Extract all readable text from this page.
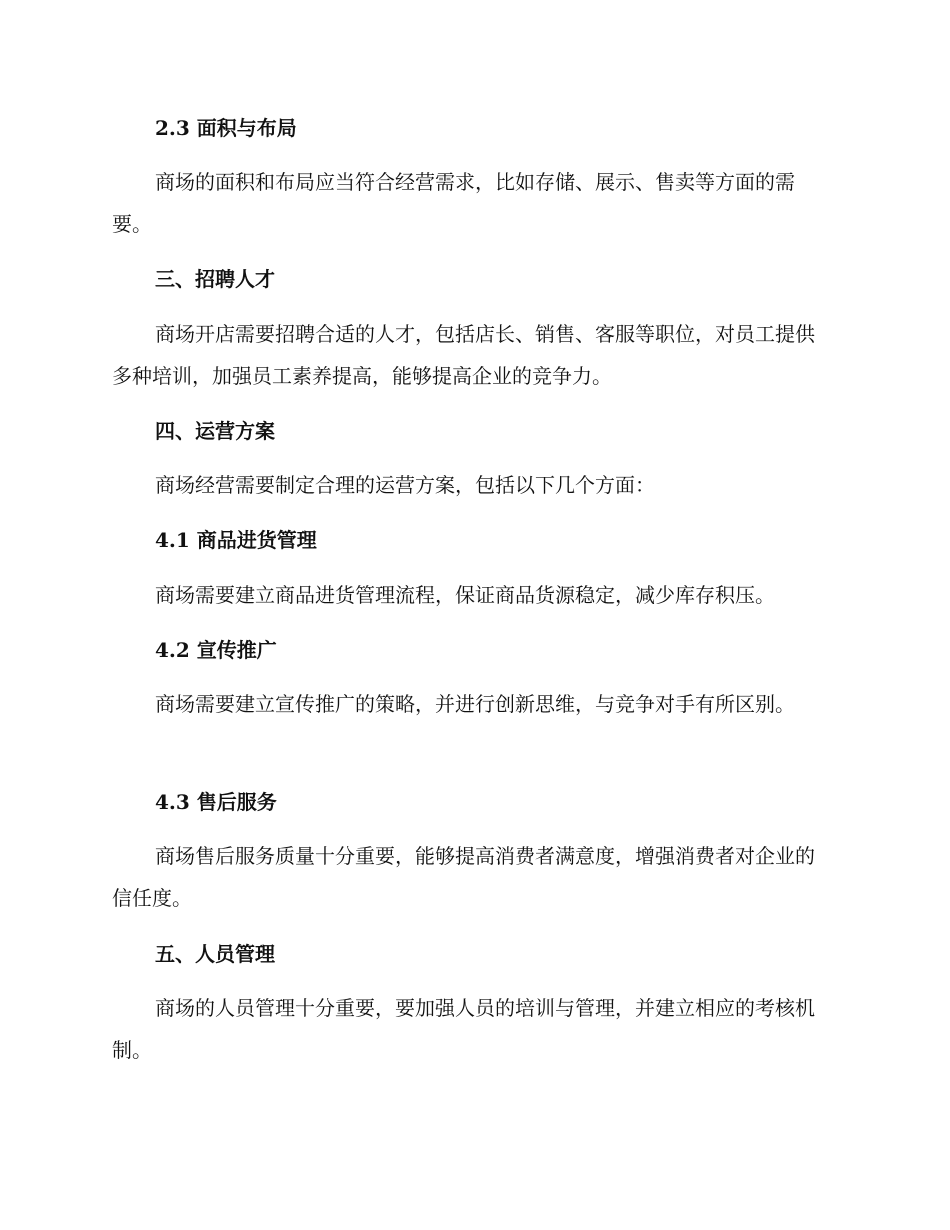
2.3 面积与布局

商场的面积和布局应当符合经营需求，比如存储、展示、售卖等方面的需要。

三、招聘人才

商场开店需要招聘合适的人才，包括店长、销售、客服等职位，对员工提供多种培训，加强员工素养提高，能够提高企业的竞争力。

四、运营方案

商场经营需要制定合理的运营方案，包括以下几个方面：

4.1 商品进货管理

商场需要建立商品进货管理流程，保证商品货源稳定，减少库存积压。

4.2 宣传推广

商场需要建立宣传推广的策略，并进行创新思维，与竞争对手有所区别。

4.3 售后服务

商场售后服务质量十分重要，能够提高消费者满意度，增强消费者对企业的信任度。

五、人员管理

商场的人员管理十分重要，要加强人员的培训与管理，并建立相应的考核机制。
